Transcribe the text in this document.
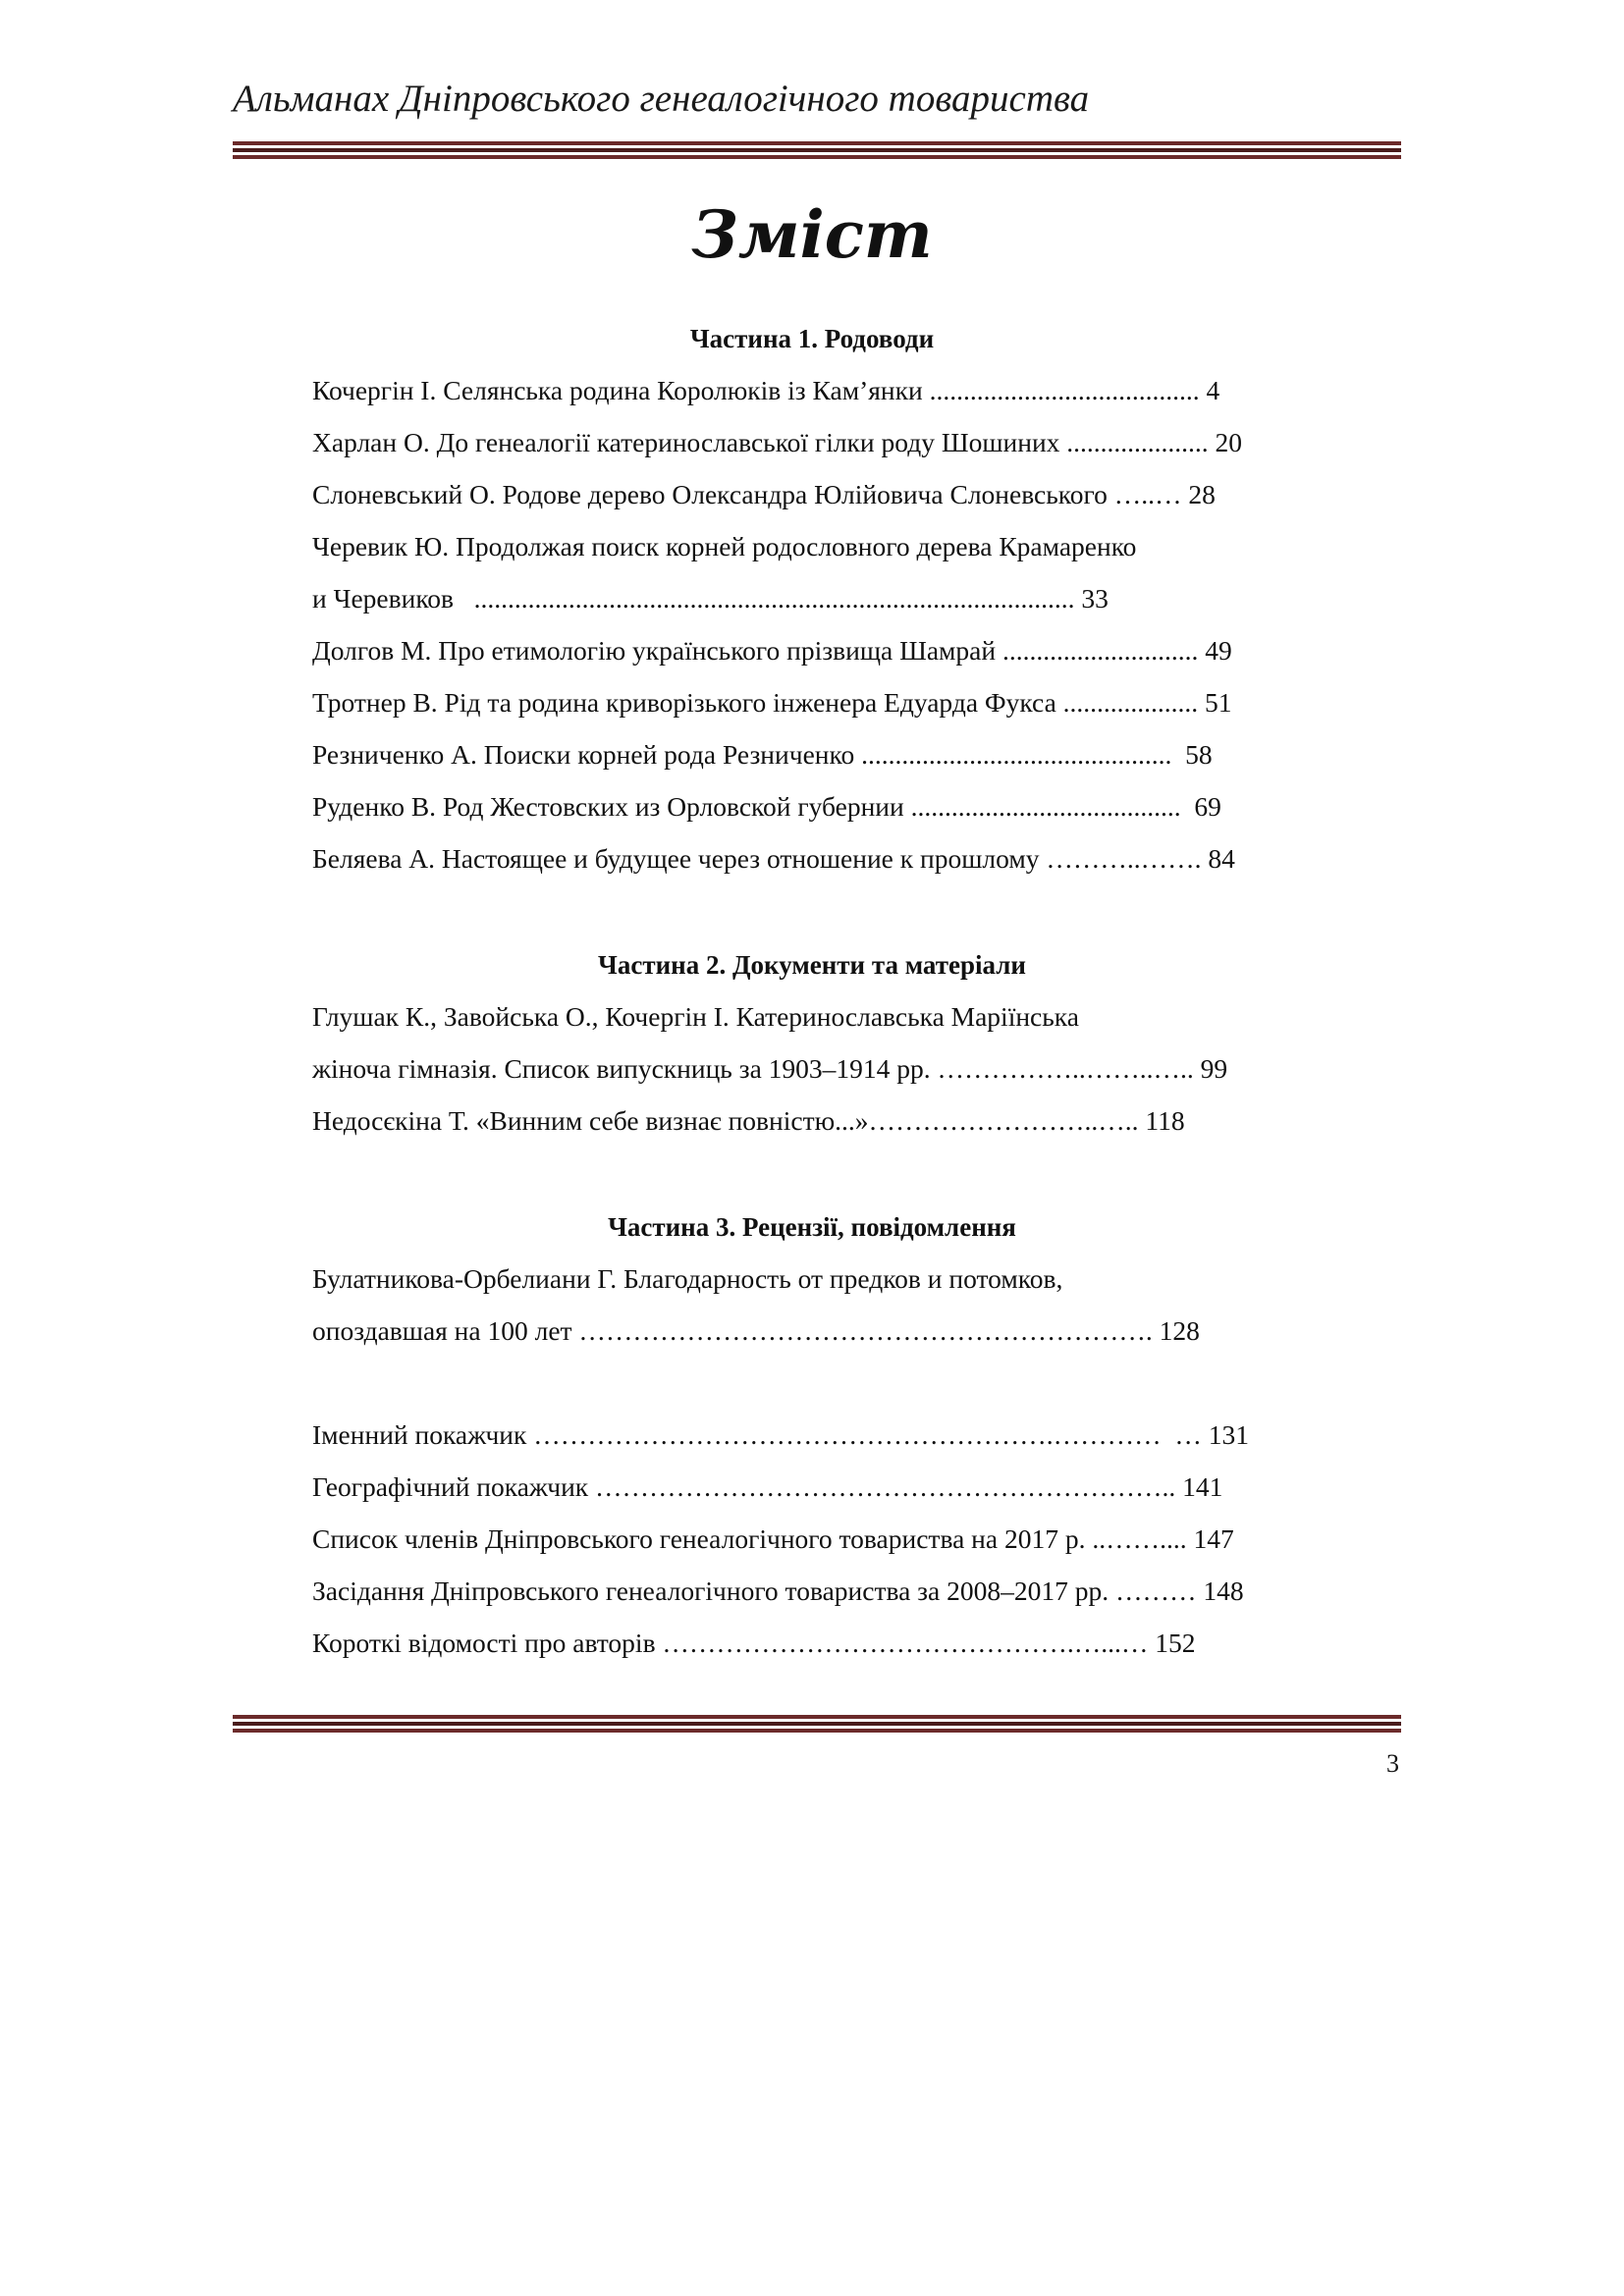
Альманах Дніпровського генеалогічного товариства
Зміст
Частина 1. Родоводи
Кочергін І. Селянська родина Королюків із Кам’янки ........................................ 4
Харлан О. До генеалогії катеринославської гілки роду Шошиних ..................... 20
Слоневський О. Родове дерево Олександра Юлійовича Слоневського …..… 28
Черевик Ю. Продолжая поиск корней родословного дерева Крамаренко
и Черевиков   ......................................................................................... 33
Долгов М. Про етимологію українського прізвища Шамрай ............................. 49
Тротнер В. Рід та родина криворізького інженера Едуарда Фукса .................... 51
Резниченко А. Поиски корней рода Резниченко ..............................................  58
Руденко В. Род Жестовских из Орловской губернии ........................................  69
Беляева А. Настоящее и будущее через отношение к прошлому ………..……. 84
Частина 2. Документи та матеріали
Глушак К., Завойська О., Кочергін І. Катеринославська Маріїнська
жіноча гімназія. Список випускниць за 1903–1914 рр. ……………..……..….. 99
Недосєкіна Т. «Винним себе визнає повністю...»……………………..….. 118
Частина 3. Рецензії, повідомлення
Булатникова-Орбелиани Г. Благодарность от предков и потомков,
опоздавшая на 100 лет ………………………………………………………. 128
Іменний покажчик ………………………………………………….…………  … 131
Географічний покажчик ……………………………………………………….. 141
Список членів Дніпровського генеалогічного товариства на 2017 р. ..…….... 147
Засідання Дніпровського генеалогічного товариства за 2008–2017 рр. ……… 148
Короткі відомості про авторів ……………………………………….…...… 152
3
